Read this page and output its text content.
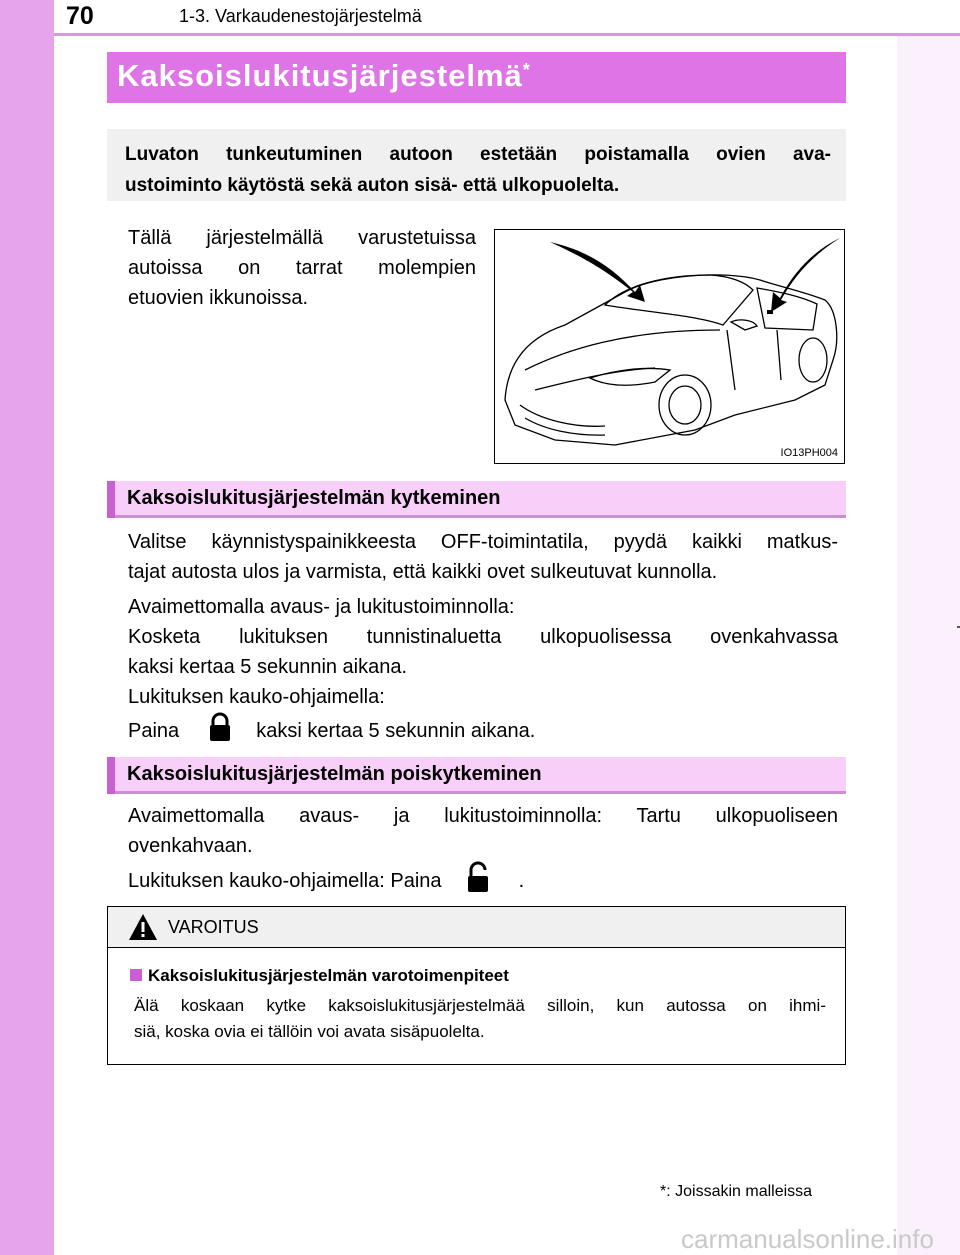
70	1-3. Varkaudenestojärjestelmä
Kaksoislukitusjärjestelmä *
Luvaton tunkeutuminen autoon estetään poistamalla ovien ava-
ustoiminto käytöstä sekä auton sisä- että ulkopuolelta.
Tällä järjestelmällä varustetuissa
autoissa on tarrat molempien
etuovien ikkunoissa.
IO13PH004
Kaksoislukitusjärjestelmän kytkeminen
Valitse käynnistyspainikkeesta OFF-toimintatila, pyydä kaikki matkus-
tajat autosta ulos ja varmista, että kaikki ovet sulkeutuvat kunnolla.
Avaimettomalla avaus- ja lukitustoiminnolla:
Kosketa lukituksen tunnistinaluetta ulkopuolisessa ovenkahvassa
kaksi kertaa 5 sekunnin aikana.
Lukituksen kauko-ohjaimella:
Paina	kaksi kertaa 5 sekunnin aikana.
Kaksoislukitusjärjestelmän poiskytkeminen
Avaimettomalla avaus- ja lukitustoiminnolla: Tartu ulkopuoliseen
ovenkahvaan.
Lukituksen kauko-ohjaimella: Paina	.
VAROITUS
Kaksoislukitusjärjestelmän varotoimenpiteet
Älä koskaan kytke kaksoislukitusjärjestelmää silloin, kun autossa on ihmi-
siä, koska ovia ei tällöin voi avata sisäpuolelta.
*: Joissakin malleissa
carmanualsonline.info
